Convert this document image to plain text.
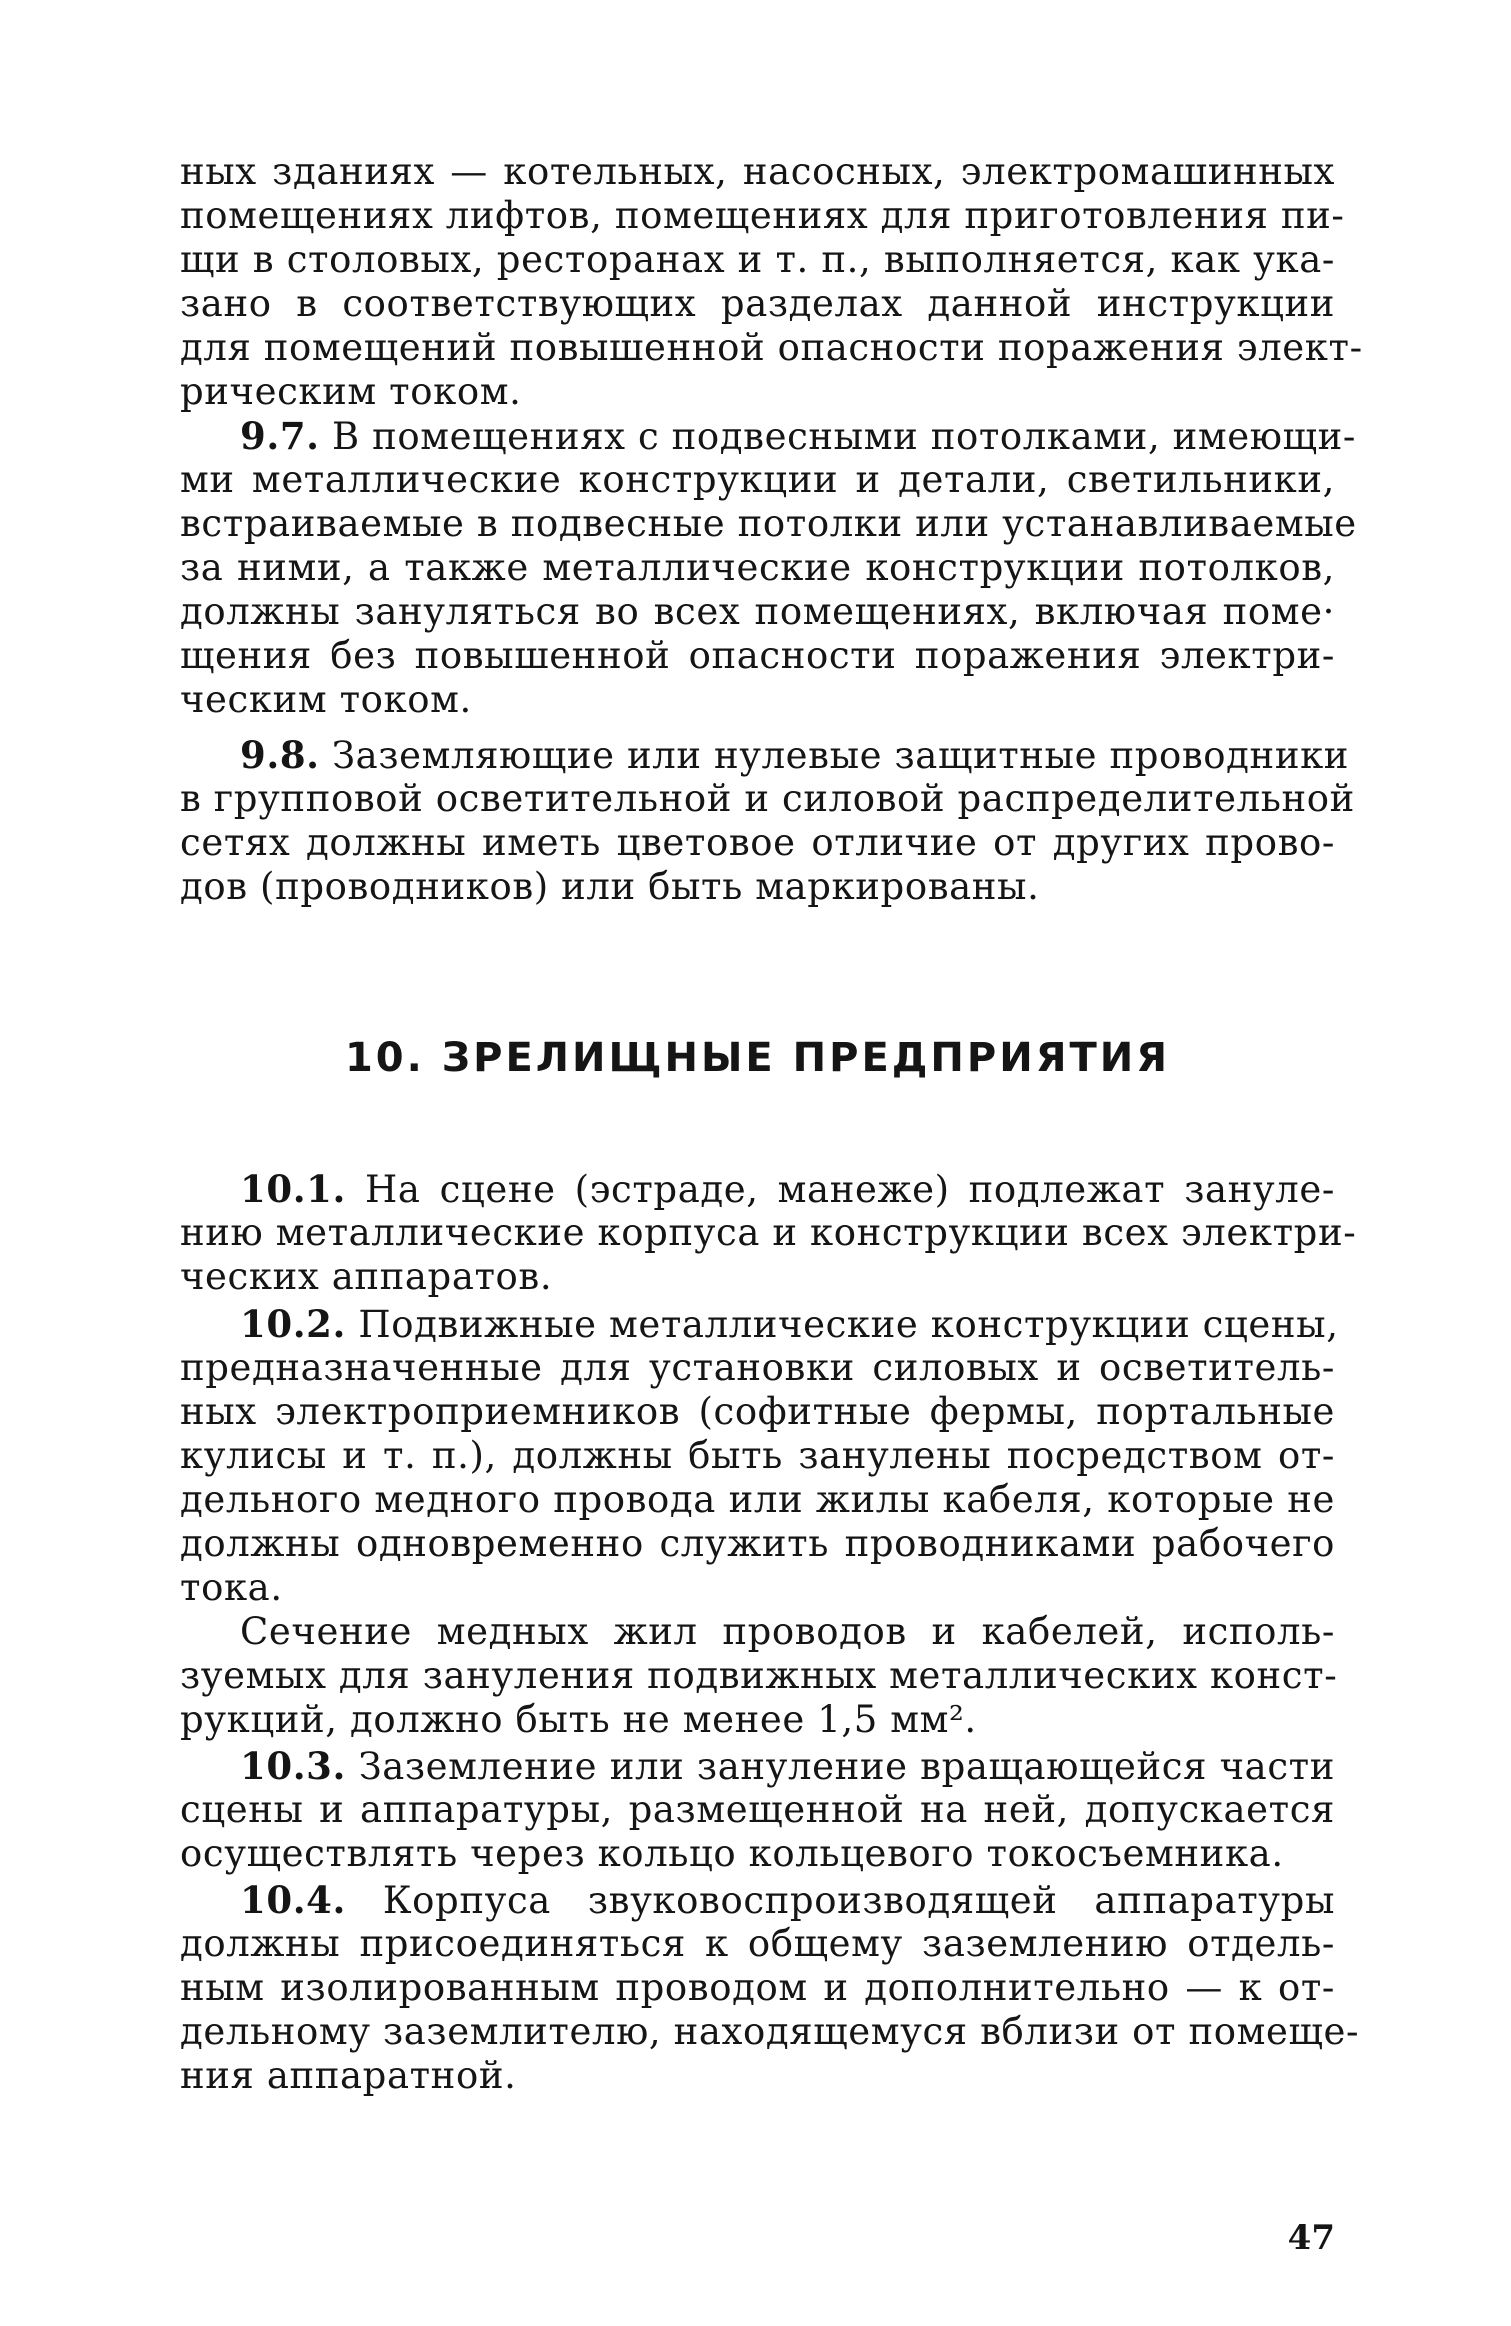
ных зданиях — котельных, насосных, электромашинных
помещениях лифтов, помещениях для приготовления пи-
щи в столовых, ресторанах и т. п., выполняется, как ука-
зано в соответствующих разделах данной инструкции
для помещений повышенной опасности поражения элект-
рическим током.
9.7. В помещениях с подвесными потолками, имеющи-
ми металлические конструкции и детали, светильники,
встраиваемые в подвесные потолки или устанавливаемые
за ними, а также металлические конструкции потолков,
должны зануляться во всех помещениях, включая поме·
щения без повышенной опасности поражения электри-
ческим током.
9.8. Заземляющие или нулевые защитные проводники
в групповой осветительной и силовой распределительной
сетях должны иметь цветовое отличие от других прово-
дов (проводников) или быть маркированы.
10. ЗРЕЛИЩНЫЕ ПРЕДПРИЯТИЯ
10.1. На сцене (эстраде, манеже) подлежат зануле-
нию металлические корпуса и конструкции всех электри-
ческих аппаратов.
10.2. Подвижные металлические конструкции сцены,
предназначенные для установки силовых и осветитель-
ных электроприемников (софитные фермы, портальные
кулисы и т. п.), должны быть занулены посредством от-
дельного медного провода или жилы кабеля, которые не
должны одновременно служить проводниками рабочего
тока.
Сечение медных жил проводов и кабелей, исполь-
зуемых для зануления подвижных металлических конст-
рукций, должно быть не менее 1,5 мм².
10.3. Заземление или зануление вращающейся части
сцены и аппаратуры, размещенной на ней, допускается
осуществлять через кольцо кольцевого токосъемника.
10.4. Корпуса звуковоспроизводящей аппаратуры
должны присоединяться к общему заземлению отдель-
ным изолированным проводом и дополнительно — к от-
дельному заземлителю, находящемуся вблизи от помеще-
ния аппаратной.
47
